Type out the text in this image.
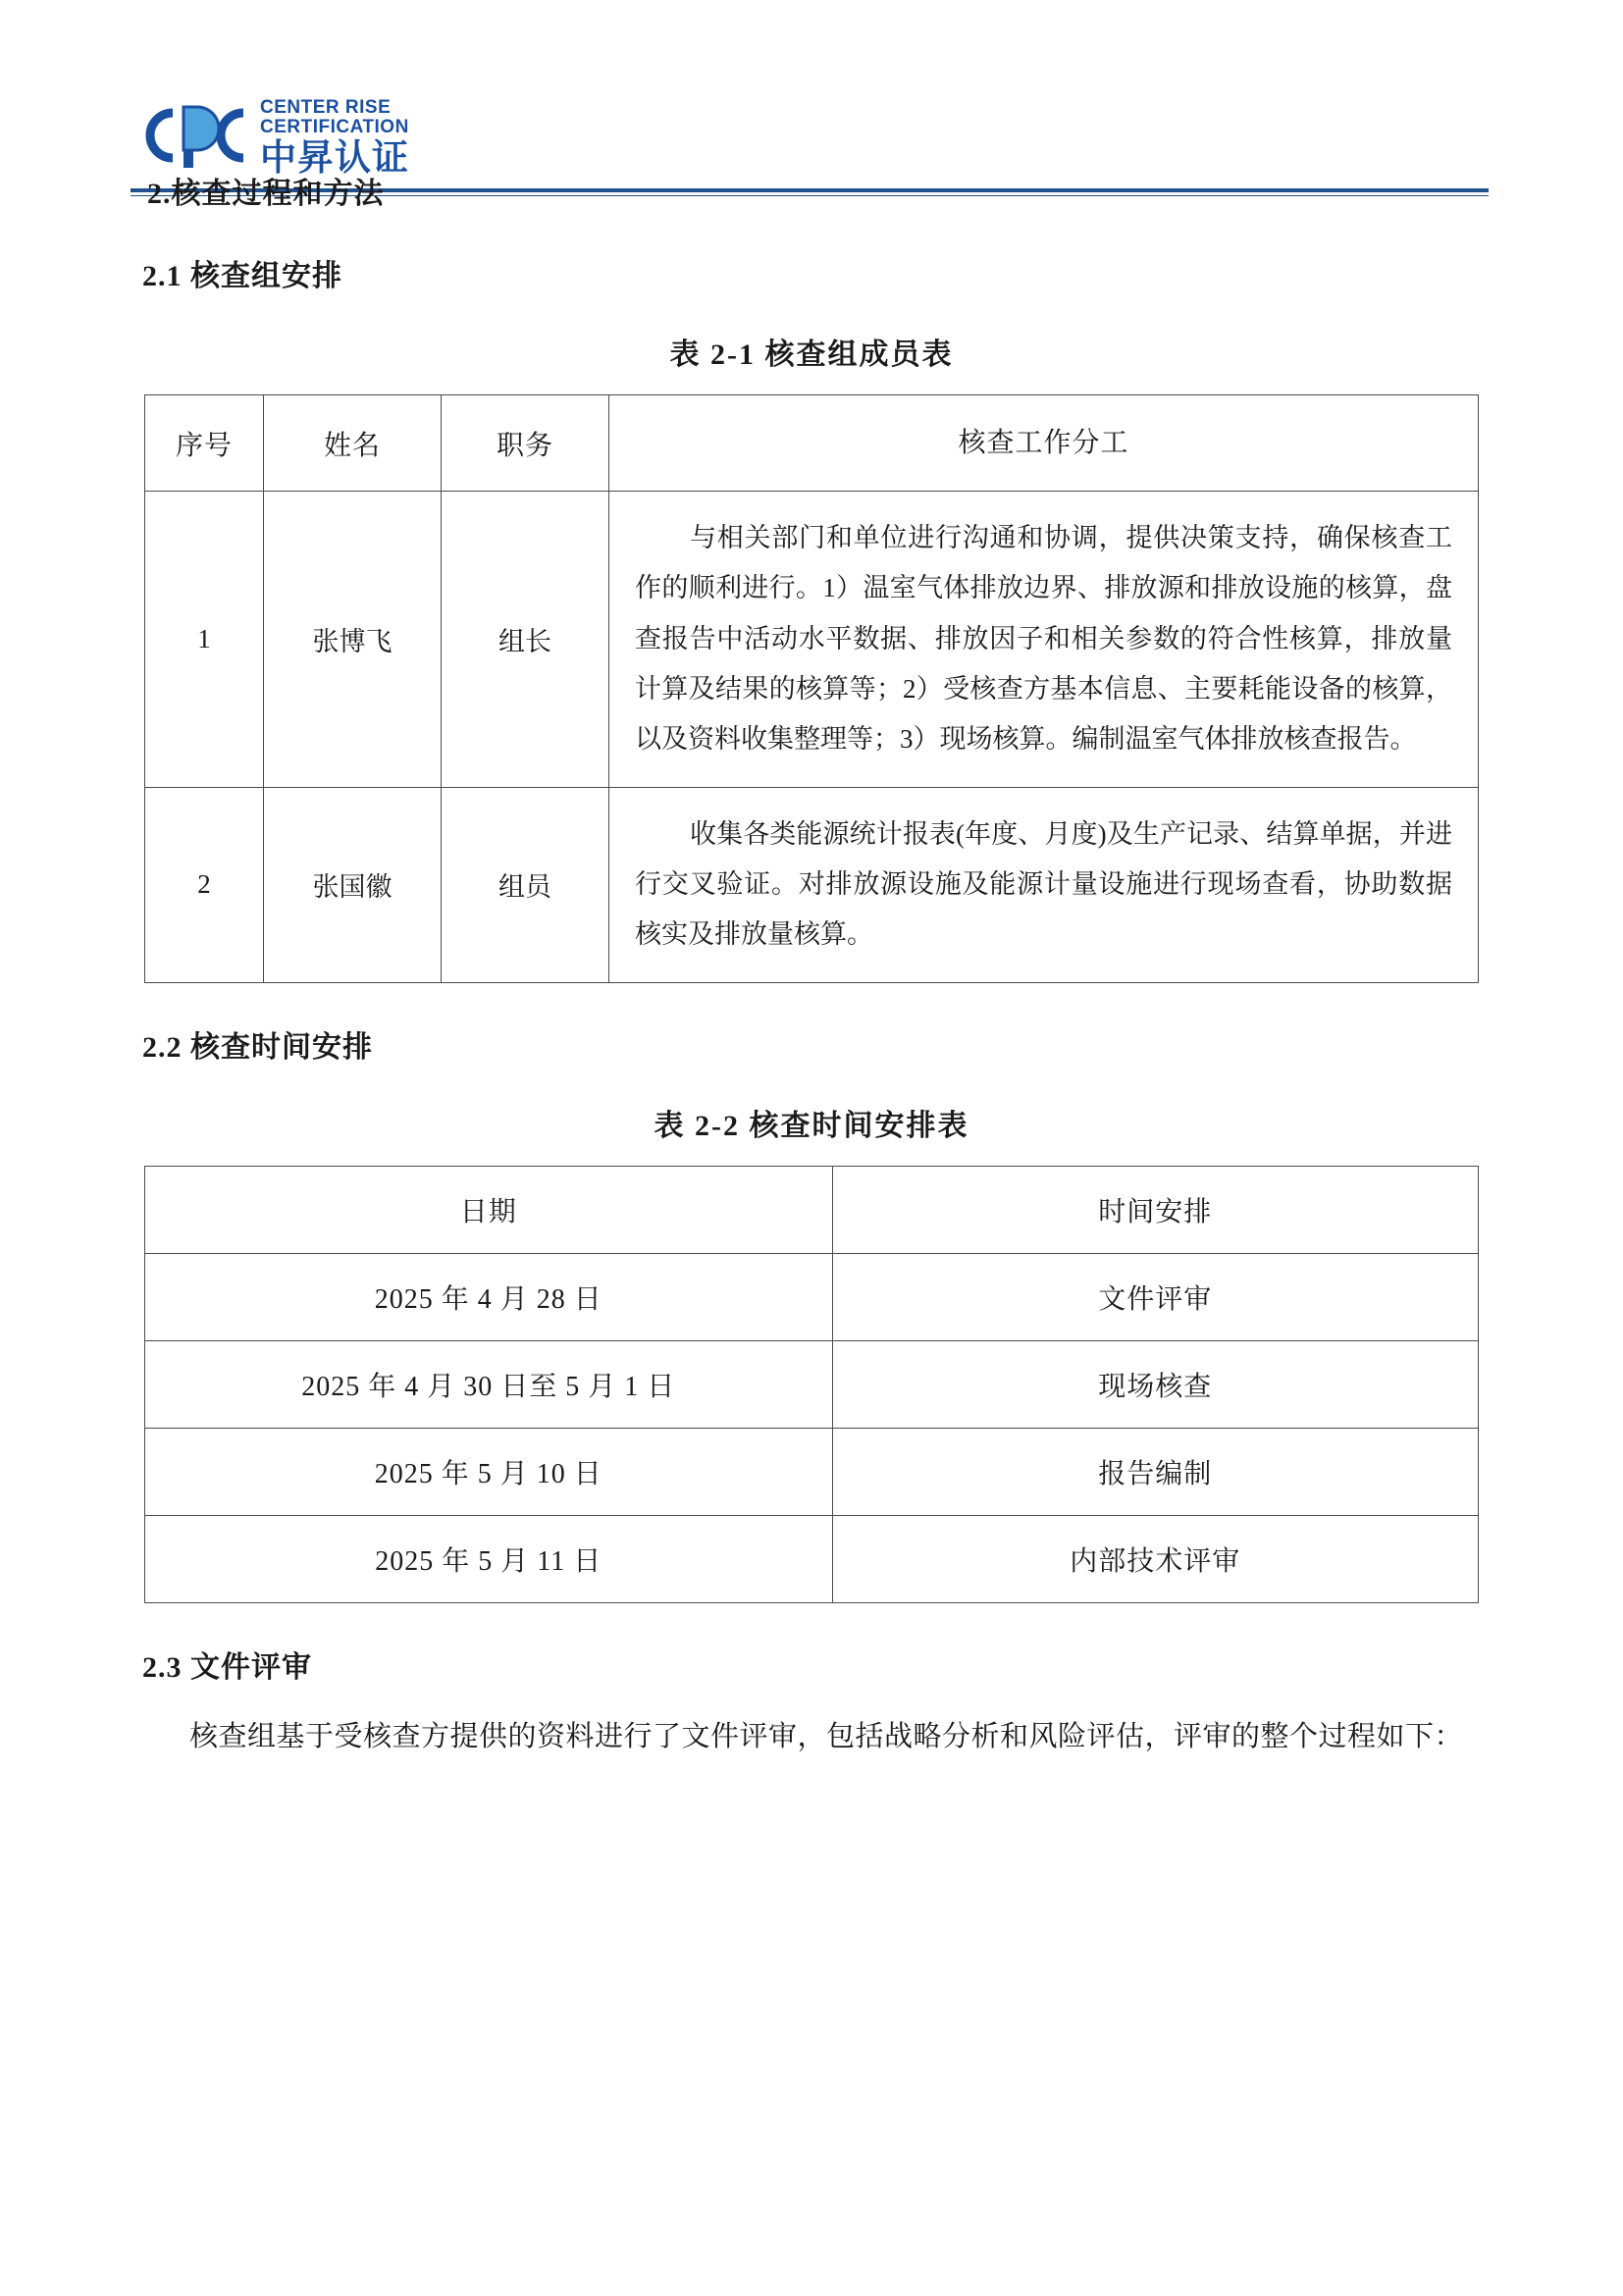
CENTER RISE
CERTIFICATION
中昇认证
2.核查过程和方法
2.1 核查组安排
表 2-1 核查组成员表
序号	姓名	职务	核查工作分工
1	张博飞	组长	与相关部门和单位进行沟通和协调，提供决策支持，确保核查工作的顺利进行。1）温室气体排放边界、排放源和排放设施的核算，盘查报告中活动水平数据、排放因子和相关参数的符合性核算，排放量计算及结果的核算等；2）受核查方基本信息、主要耗能设备的核算，以及资料收集整理等；3）现场核算。编制温室气体排放核查报告。

2	张国徽	组员	收集各类能源统计报表(年度、月度)及生产记录、结算单据，并进行交叉验证。对排放源设施及能源计量设施进行现场查看，协助数据核实及排放量核算。

2.2 核查时间安排
表 2-2 核查时间安排表
日期	时间安排
2025 年 4 月 28 日	文件评审
2025 年 4 月 30 日至 5 月 1 日	现场核查
2025 年 5 月 10 日	报告编制
2025 年 5 月 11 日	内部技术评审
2.3 文件评审
核查组基于受核查方提供的资料进行了文件评审，包括战略分析和风险评估，评审的整个过程如下：
